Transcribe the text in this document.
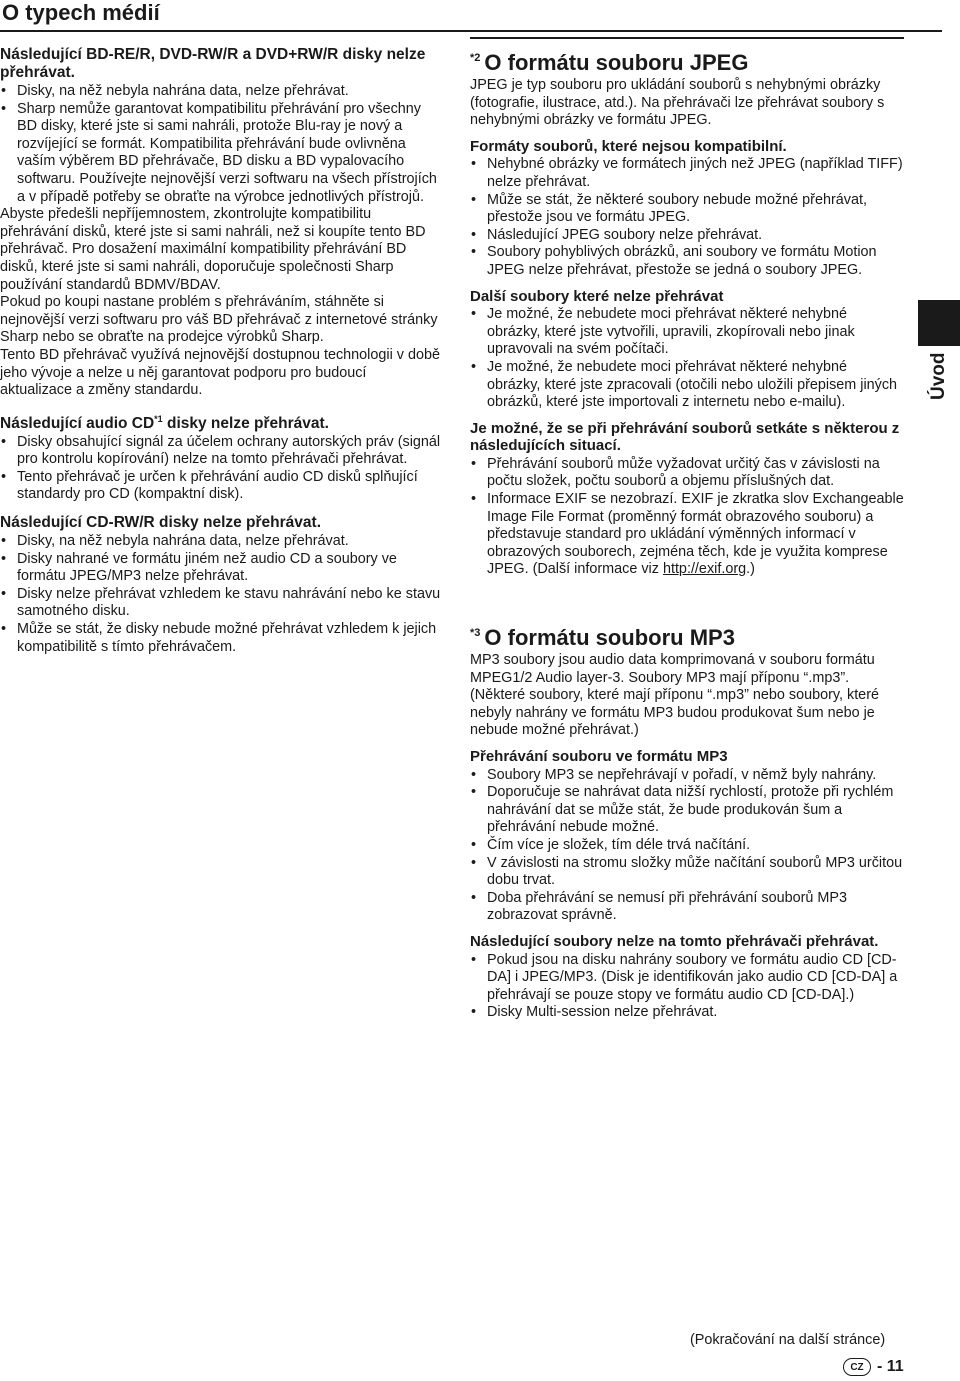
O typech médií
Následující BD-RE/R, DVD-RW/R a DVD+RW/R disky nelze přehrávat.
• Disky, na něž nebyla nahrána data, nelze přehrávat.
• Sharp nemůže garantovat kompatibilitu přehrávání pro všechny BD disky, které jste si sami nahráli, protože Blu-ray je nový a rozvíjející se formát. Kompatibilita přehrávání bude ovlivněna vaším výběrem BD přehrávače, BD disku a BD vypalovacího softwaru. Používejte nejnovější verzi softwaru na všech přístrojích a v případě potřeby se obraťte na výrobce jednotlivých přístrojů.

Abyste předešli nepříjemnostem, zkontrolujte kompatibilitu přehrávání disků, které jste si sami nahráli, než si koupíte tento BD přehrávač. Pro dosažení maximální kompatibility přehrávání BD disků, které jste si sami nahráli, doporučuje společnosti Sharp používání standardů BDMV/BDAV.

Pokud po koupi nastane problém s přehráváním, stáhněte si nejnovější verzi softwaru pro váš BD přehrávač z internetové stránky Sharp nebo se obraťte na prodejce výrobků Sharp.

Tento BD přehrávač využívá nejnovější dostupnou technologii v době jeho vývoje a nelze u něj garantovat podporu pro budoucí aktualizace a změny standardu.

Následující audio CD$^{*1}$ disky nelze přehrávat.
• Disky obsahující signál za účelem ochrany autorských práv (signál pro kontrolu kopírování) nelze na tomto přehrávači přehrávat.
• Tento přehrávač je určen k přehrávání audio CD disků splňující standardy pro CD (kompaktní disk).
Následující CD-RW/R disky nelze přehrávat.
• Disky, na něž nebyla nahrána data, nelze přehrávat.
• Disky nahrané ve formátu jiném než audio CD a soubory ve formátu JPEG/MP3 nelze přehrávat.
• Disky nelze přehrávat vzhledem ke stavu nahrávání nebo ke stavu samotného disku.
• Může se stát, že disky nebude možné přehrávat vzhledem k jejich kompatibilitě s tímto přehrávačem.
$^{*2}$ O formátu souboru JPEG

JPEG je typ souboru pro ukládání souborů s nehybnými obrázky (fotografie, ilustrace, atd.). Na přehrávači lze přehrávat soubory s nehybnými obrázky ve formátu JPEG.

Formáty souborů, které nejsou kompatibilní.
• Nehybné obrázky ve formátech jiných než JPEG (například TIFF) nelze přehrávat.
• Může se stát, že některé soubory nebude možné přehrávat, přestože jsou ve formátu JPEG.
• Následující JPEG soubory nelze přehrávat.
• Soubory pohyblivých obrázků, ani soubory ve formátu Motion JPEG nelze přehrávat, přestože se jedná o soubory JPEG.
Další soubory které nelze přehrávat
• Je možné, že nebudete moci přehrávat některé nehybné obrázky, které jste vytvořili, upravili, zkopírovali nebo jinak upravovali na svém počítači.
• Je možné, že nebudete moci přehrávat některé nehybné obrázky, které jste zpracovali (otočili nebo uložili přepisem jiných obrázků, které jste importovali z internetu nebo e-mailu).
Je možné, že se při přehrávání souborů setkáte s některou z následujících situací.
• Přehrávání souborů může vyžadovat určitý čas v závislosti na počtu složek, počtu souborů a objemu příslušných dat.
• Informace EXIF se nezobrazí. EXIF je zkratka slov Exchangeable Image File Format (proměnný formát obrazového souboru) a představuje standard pro ukládání výměnných informací v obrazových souborech, zejména těch, kde je využita komprese JPEG. (Další informace viz http://exif.org.)
$^{*3}$ O formátu souboru MP3

MP3 soubory jsou audio data komprimovaná v souboru formátu MPEG1/2 Audio layer-3. Soubory MP3 mají příponu “.mp3”. (Některé soubory, které mají příponu “.mp3” nebo soubory, které nebyly nahrány ve formátu MP3 budou produkovat šum nebo je nebude možné přehrávat.)

Přehrávání souboru ve formátu MP3
• Soubory MP3 se nepřehrávají v pořadí, v němž byly nahrány.
• Doporučuje se nahrávat data nižší rychlostí, protože při rychlém nahrávání dat se může stát, že bude produkován šum a přehrávání nebude možné.
• Čím více je složek, tím déle trvá načítání.
• V závislosti na stromu složky může načítání souborů MP3 určitou dobu trvat.
• Doba přehrávání se nemusí při přehrávání souborů MP3 zobrazovat správně.
Následující soubory nelze na tomto přehrávači přehrávat.
• Pokud jsou na disku nahrány soubory ve formátu audio CD [CD-DA] i JPEG/MP3. (Disk je identifikován jako audio CD [CD-DA] a přehrávají se pouze stopy ve formátu audio CD [CD-DA].)
• Disky Multi-session nelze přehrávat.
Úvod
(Pokračování na další stránce)
CZ - 11
